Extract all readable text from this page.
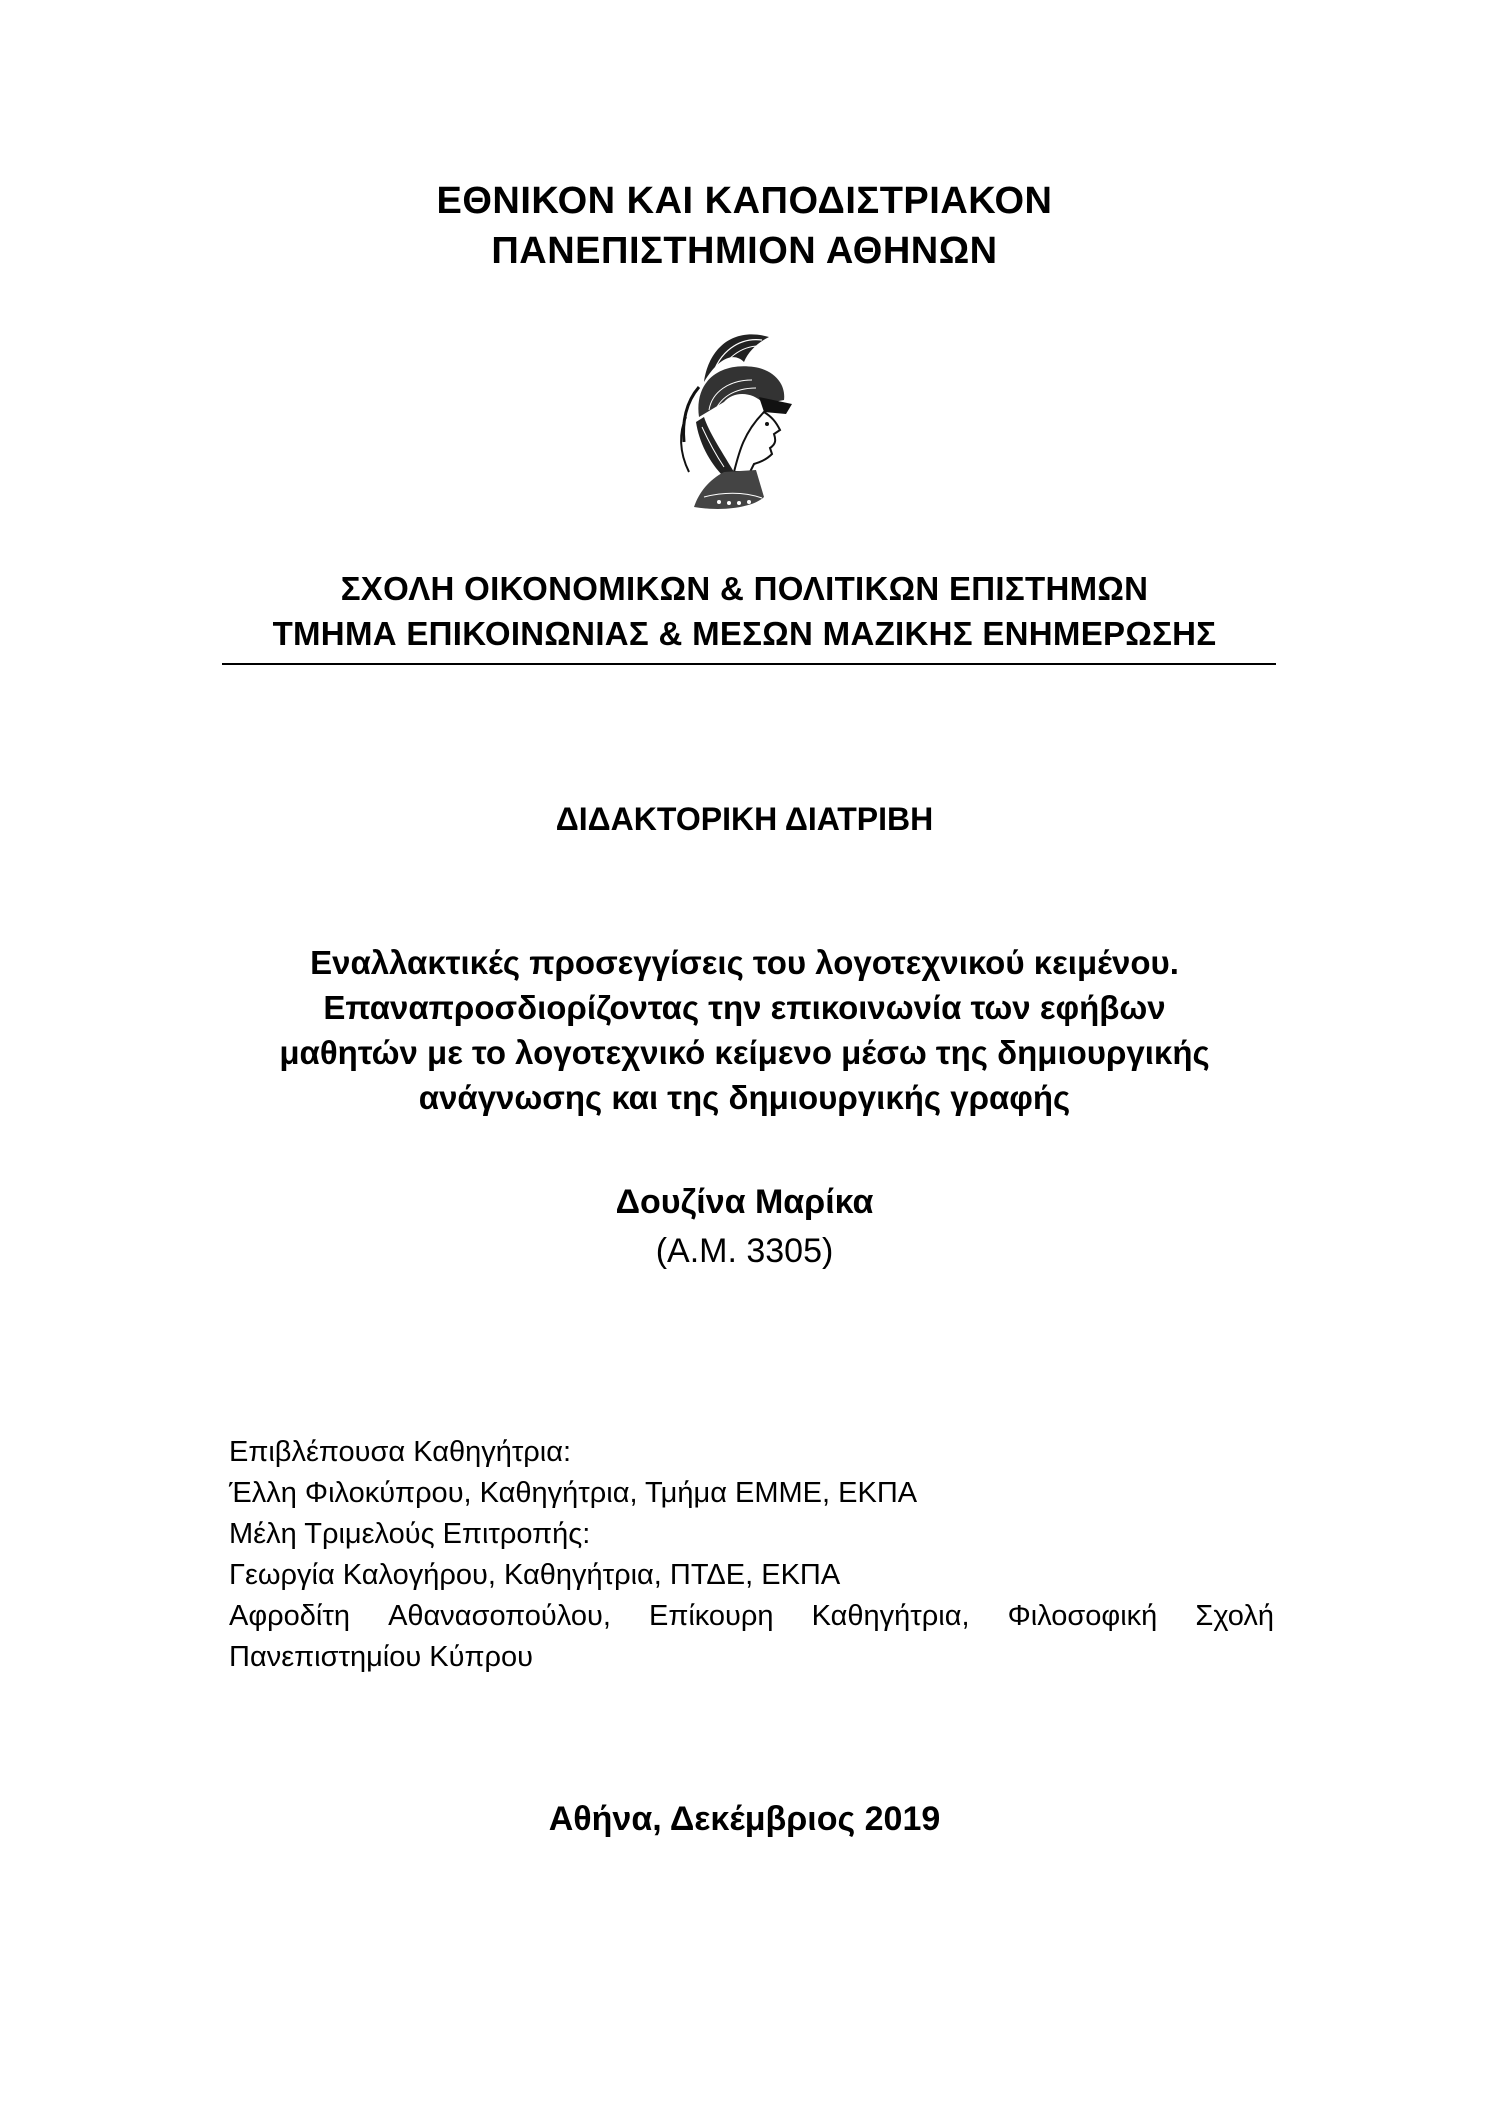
ΕΘΝΙΚΟΝ ΚΑΙ ΚΑΠΟΔΙΣΤΡΙΑΚΟΝ
ΠΑΝΕΠΙΣΤΗΜΙΟΝ ΑΘΗΝΩΝ
ΣΧΟΛΗ ΟΙΚΟΝΟΜΙΚΩΝ & ΠΟΛΙΤΙΚΩΝ ΕΠΙΣΤΗΜΩΝ
ΤΜΗΜΑ ΕΠΙΚΟΙΝΩΝΙΑΣ & ΜΕΣΩΝ ΜΑΖΙΚΗΣ ΕΝΗΜΕΡΩΣΗΣ
ΔΙΔΑΚΤΟΡΙΚΗ ΔΙΑΤΡΙΒΗ
Εναλλακτικές προσεγγίσεις του λογοτεχνικού κειμένου.
Επαναπροσδιορίζοντας την επικοινωνία των εφήβων
μαθητών με το λογοτεχνικό κείμενο μέσω της δημιουργικής
ανάγνωσης και της δημιουργικής γραφής
Δουζίνα Μαρίκα
(Α.Μ. 3305)
Επιβλέπουσα Καθηγήτρια:
Έλλη Φιλοκύπρου, Καθηγήτρια, Τμήμα ΕΜΜΕ, ΕΚΠΑ
Μέλη Τριμελούς Επιτροπής:
Γεωργία Καλογήρου, Καθηγήτρια, ΠΤΔΕ, ΕΚΠΑ
Αφροδίτη Αθανασοπούλου, Επίκουρη Καθηγήτρια, Φιλοσοφική Σχολή
Πανεπιστημίου Κύπρου
Αθήνα, Δεκέμβριος 2019
